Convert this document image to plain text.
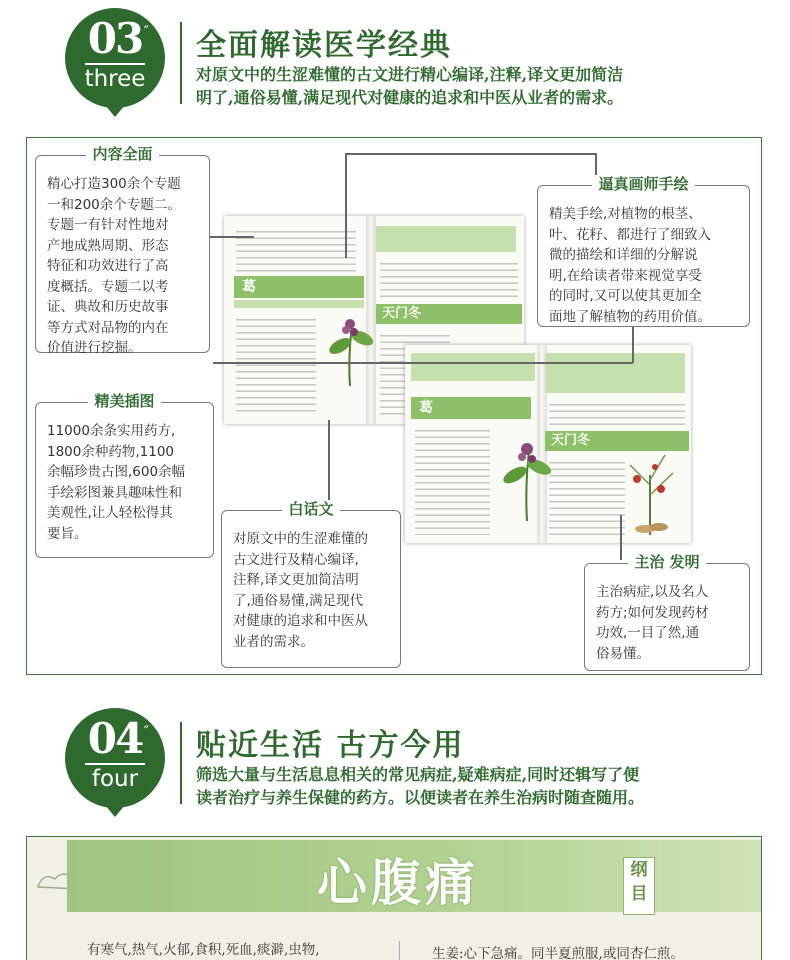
03 ″
three
全面解读医学经典
对原文中的生涩难懂的古文进行精心编译,注释,译文更加简洁
明了,通俗易懂,满足现代对健康的追求和中医从业者的需求。
葛
天门冬
葛
天门冬
内容全面
精心打造300余个专题
一和200余个专题二。
专题一有针对性地对
产地成熟周期、形态
特征和功效进行了高
度概括。专题二以考
证、典故和历史故事
等方式对品物的内在
价值进行挖掘。
逼真画师手绘
精美手绘,对植物的根茎、
叶、花籽、都进行了细致入
微的描绘和详细的分解说
明,在给读者带来视觉享受
的同时,又可以使其更加全
面地了解植物的药用价值。
精美插图
11000余条实用药方,
1800余种药物,1100
余幅珍贵古图,600余幅
手绘彩图兼具趣味性和
美观性,让人轻松得其
要旨。
白话文
对原文中的生涩难懂的
古文进行及精心编译,
注释,译文更加简洁明
了,通俗易懂,满足现代
对健康的追求和中医从
业者的需求。
主治 发明
主治病症,以及名人
药方;如何发现药材
功效,一目了然,通
俗易懂。
04 ″
four
贴近生活 古方今用
筛选大量与生活息息相关的常见病症,疑难病症,同时还辑写了便
读者治疗与养生保健的药方。以便读者在养生治病时随查随用。
心腹痛	纲
目
有寒气,热气,火郁,食积,死血,痰澼,虫物,	生姜:心下急痛。同半夏煎服,或同杏仁煎。
